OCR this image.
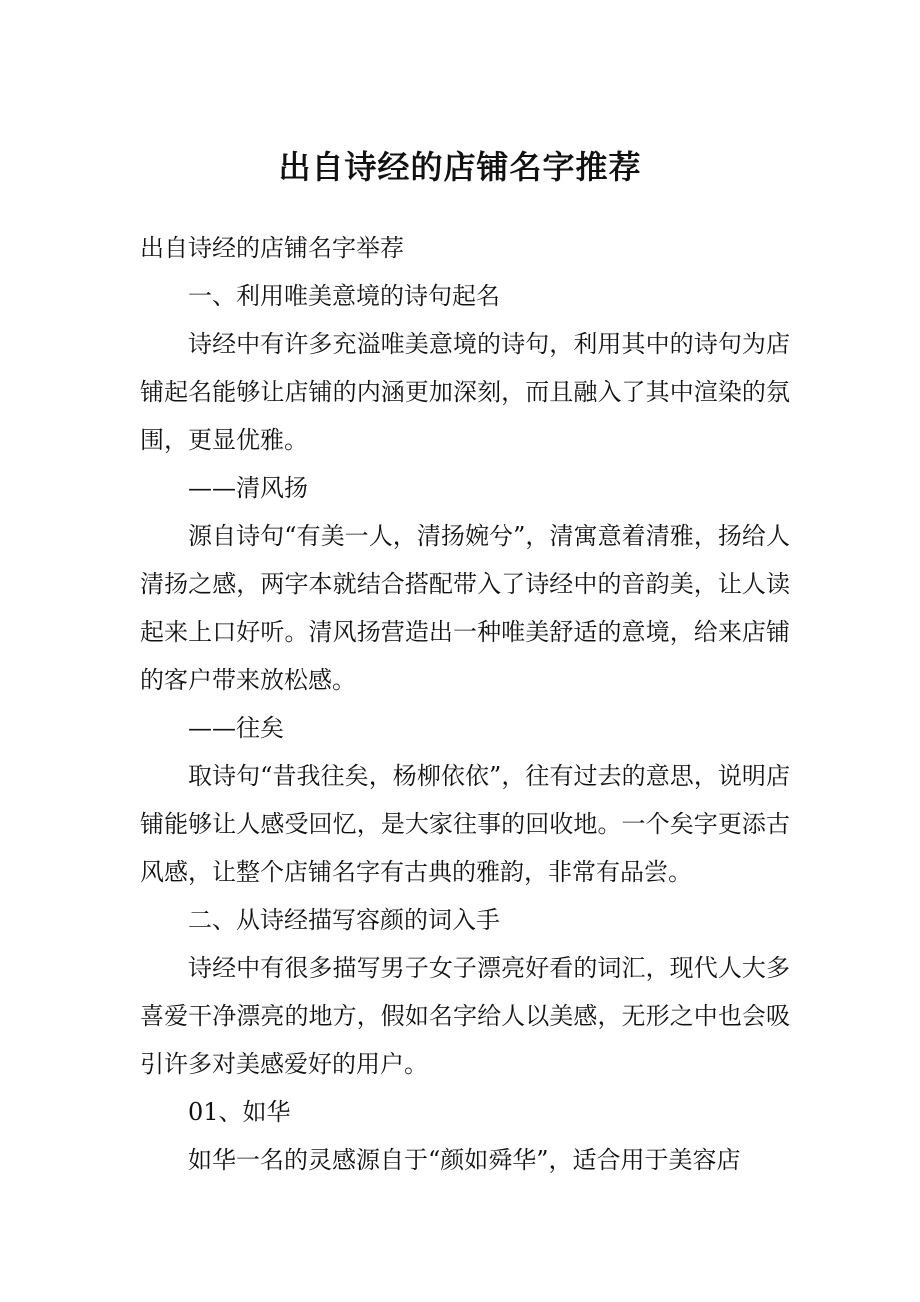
出自诗经的店铺名字推荐

出自诗经的店铺名字举荐

一、利用唯美意境的诗句起名

诗经中有许多充溢唯美意境的诗句，利用其中的诗句为店铺起名能够让店铺的内涵更加深刻，而且融入了其中渲染的氛围，更显优雅。

——清风扬

源自诗句“有美一人，清扬婉兮”，清寓意着清雅，扬给人清扬之感，两字本就结合搭配带入了诗经中的音韵美，让人读起来上口好听。清风扬营造出一种唯美舒适的意境，给来店铺的客户带来放松感。

——往矣

取诗句“昔我往矣，杨柳依依”，往有过去的意思，说明店铺能够让人感受回忆，是大家往事的回收地。一个矣字更添古风感，让整个店铺名字有古典的雅韵，非常有品尝。

二、从诗经描写容颜的词入手

诗经中有很多描写男子女子漂亮好看的词汇，现代人大多喜爱干净漂亮的地方，假如名字给人以美感，无形之中也会吸引许多对美感爱好的用户。

01、如华

如华一名的灵感源自于“颜如舜华”，适合用于美容店
